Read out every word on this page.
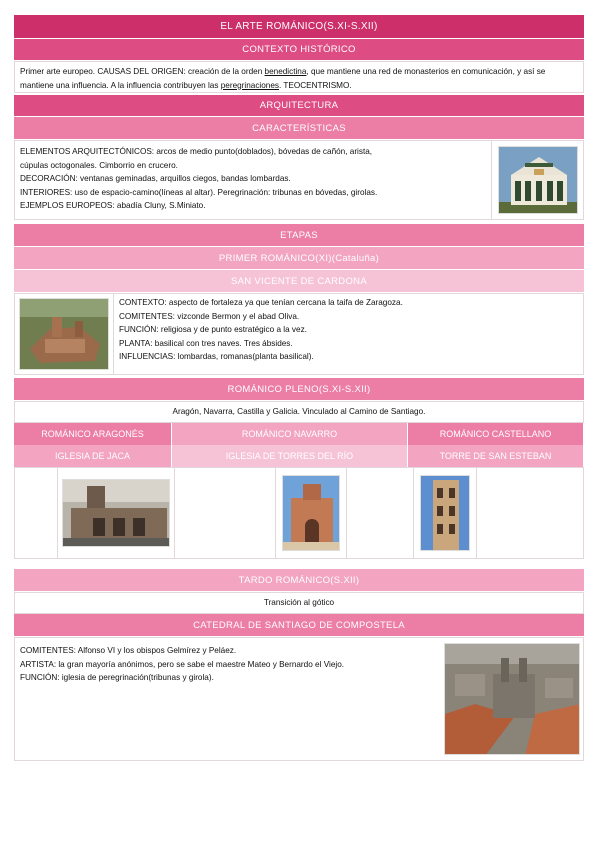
EL ARTE ROMÁNICO(S.XI-S.XII)
CONTEXTO HISTÓRICO
Primer arte europeo. CAUSAS DEL ORIGEN: creación de la orden benedictina, que mantiene una red de monasterios en comunicación, y así se mantiene una influencia. A la influencia contribuyen las peregrinaciones. TEOCENTRISMO.
ARQUITECTURA
CARACTERÍSTICAS
ELEMENTOS ARQUITECTÓNICOS: arcos de medio punto(doblados), bóvedas de cañón, arista,
cúpulas octogonales. Cimborrio en crucero.
DECORACIÓN: ventanas geminadas, arquillos ciegos, bandas lombardas.
INTERIORES: uso de espacio-camino(líneas al altar). Peregrinación: tribunas en bóvedas, girolas.
EJEMPLOS EUROPEOS: abadía Cluny, S.Miniato.
ETAPAS
PRIMER ROMÁNICO(XI)(Cataluña)
SAN VICENTE DE CARDONA
CONTEXTO: aspecto de fortaleza ya que tenían cercana la taifa de Zaragoza.
COMITENTES: vizconde Bermon y el abad Oliva.
FUNCIÓN: religiosa y de punto estratégico a la vez.
PLANTA: basilical con tres naves. Tres ábsides.
INFLUENCIAS: lombardas, romanas(planta basilical).
ROMÁNICO PLENO(S.XI-S.XII)
Aragón, Navarra, Castilla y Galicia. Vinculado al Camino de Santiago.
ROMÁNICO ARAGONÉS	ROMÁNICO NAVARRO	ROMÁNICO CASTELLANO
IGLESIA DE JACA	IGLESIA DE TORRES DEL RÍO	TORRE DE SAN ESTEBAN
TARDO ROMÁNICO(S.XII)
Transición al gótico
CATEDRAL DE SANTIAGO DE COMPOSTELA
COMITENTES: Alfonso VI y los obispos Gelmírez y Peláez.
ARTISTA: la gran mayoría anónimos, pero se sabe el maestre Mateo y Bernardo el Viejo.
FUNCIÓN: iglesia de peregrinación(tribunas y girola).
